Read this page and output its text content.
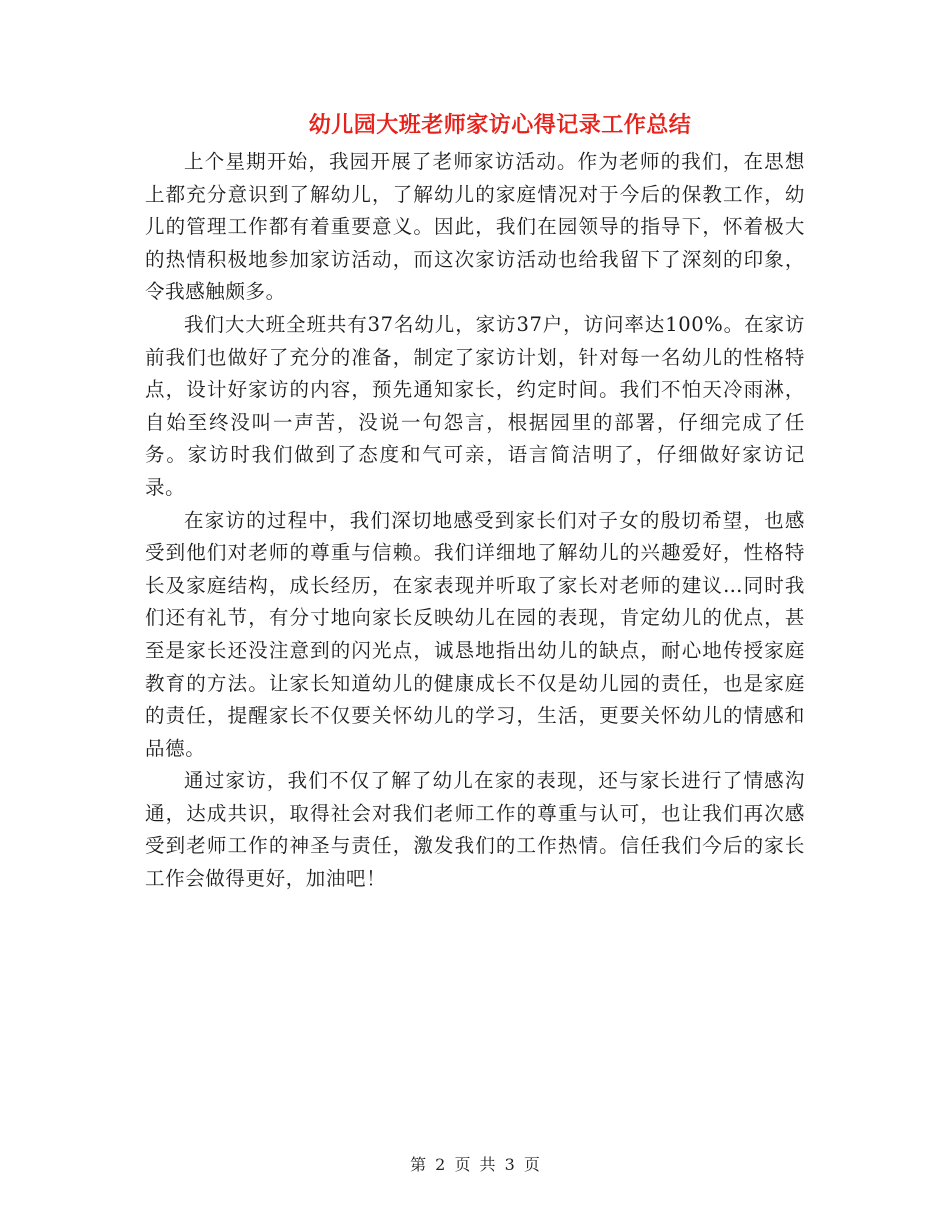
幼儿园大班老师家访心得记录工作总结

上个星期开始，我园开展了老师家访活动。作为老师的我们，在思想上都充分意识到了解幼儿，了解幼儿的家庭情况对于今后的保教工作，幼儿的管理工作都有着重要意义。因此，我们在园领导的指导下，怀着极大的热情积极地参加家访活动，而这次家访活动也给我留下了深刻的印象，令我感触颇多。

我们大大班全班共有37名幼儿，家访37户，访问率达100%。在家访前我们也做好了充分的准备，制定了家访计划，针对每一名幼儿的性格特点，设计好家访的内容，预先通知家长，约定时间。我们不怕天冷雨淋，自始至终没叫一声苦，没说一句怨言，根据园里的部署，仔细完成了任务。家访时我们做到了态度和气可亲，语言简洁明了，仔细做好家访记录。

在家访的过程中，我们深切地感受到家长们对子女的殷切希望，也感受到他们对老师的尊重与信赖。我们详细地了解幼儿的兴趣爱好，性格特长及家庭结构，成长经历，在家表现并听取了家长对老师的建议…同时我们还有礼节，有分寸地向家长反映幼儿在园的表现，肯定幼儿的优点，甚至是家长还没注意到的闪光点，诚恳地指出幼儿的缺点，耐心地传授家庭教育的方法。让家长知道幼儿的健康成长不仅是幼儿园的责任，也是家庭的责任，提醒家长不仅要关怀幼儿的学习，生活，更要关怀幼儿的情感和品德。

通过家访，我们不仅了解了幼儿在家的表现，还与家长进行了情感沟通，达成共识，取得社会对我们老师工作的尊重与认可，也让我们再次感受到老师工作的神圣与责任，激发我们的工作热情。信任我们今后的家长工作会做得更好，加油吧！

第 2 页 共 3 页
